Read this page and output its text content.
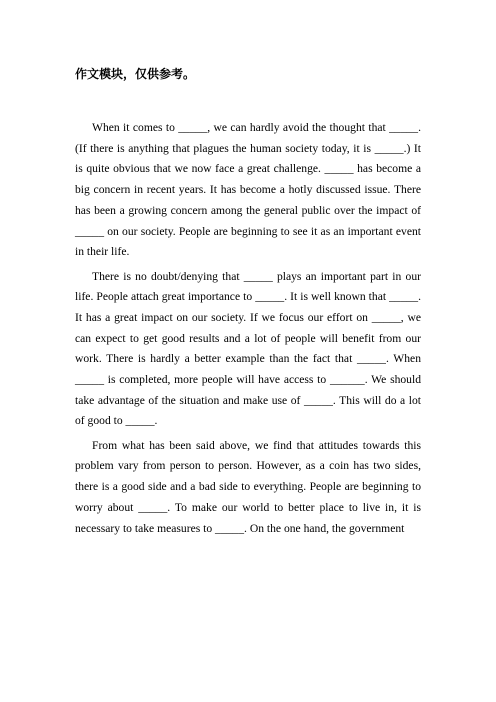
作文模块，仅供参考。

When it comes to _____, we can hardly avoid the thought that _____. (If there is anything that plagues the human society today, it is _____.) It is quite obvious that we now face a great challenge. _____ has become a big concern in recent years. It has become a hotly discussed issue. There has been a growing concern among the general public over the impact of _____ on our society. People are beginning to see it as an important event in their life.

There is no doubt/denying that _____ plays an important part in our life. People attach great importance to _____. It is well known that _____. It has a great impact on our society. If we focus our effort on _____, we can expect to get good results and a lot of people will benefit from our work. There is hardly a better example than the fact that _____. When _____ is completed, more people will have access to ______. We should take advantage of the situation and make use of _____. This will do a lot of good to _____.

From what has been said above, we find that attitudes towards this problem vary from person to person. However, as a coin has two sides, there is a good side and a bad side to everything. People are beginning to worry about _____. To make our world to better place to live in, it is necessary to take measures to _____. On the one hand, the government
